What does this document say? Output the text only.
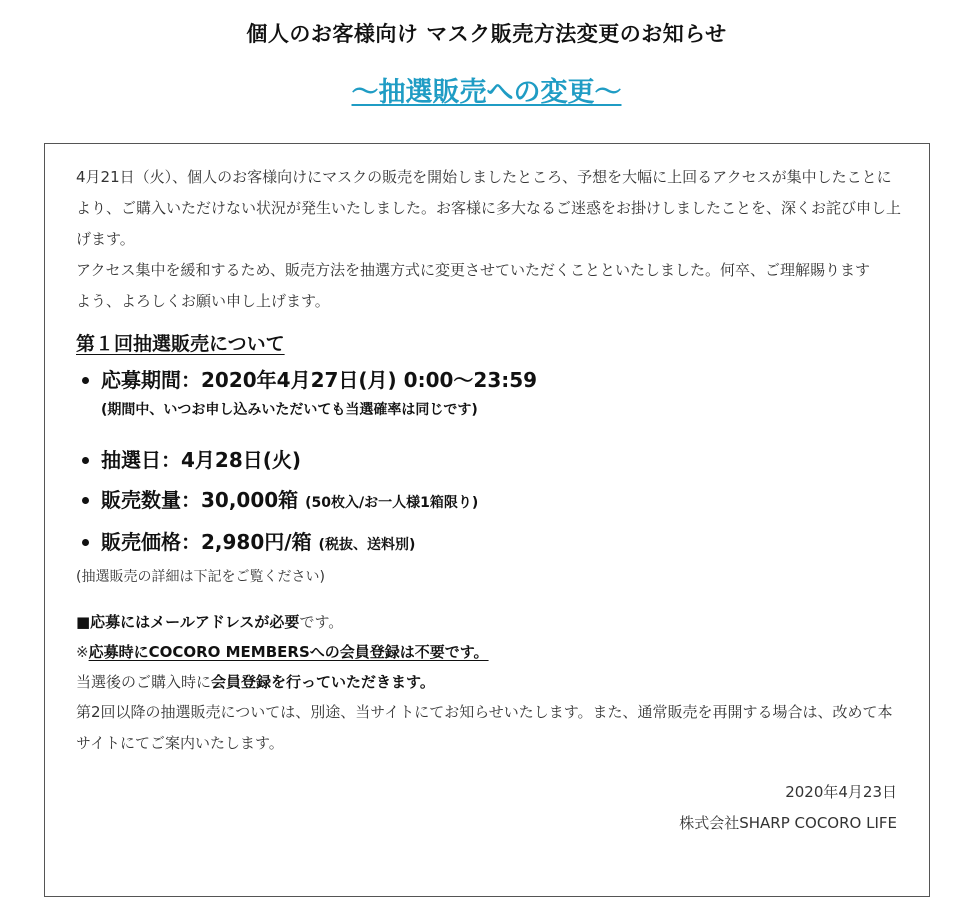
個人のお客様向け マスク販売方法変更のお知らせ
〜抽選販売への変更〜

4月21日（火）、個人のお客様向けにマスクの販売を開始しましたところ、予想を大幅に上回るアクセスが集中したことにより、ご購入いただけない状況が発生いたしました。お客様に多大なるご迷惑をお掛けしましたことを、深くお詫び申し上げます。

アクセス集中を緩和するため、販売方法を抽選方式に変更させていただくことといたしました。何卒、ご理解賜りますよう、よろしくお願い申し上げます。

第１回抽選販売について
応募期間：2020年4月27日(月) 0:00〜23:59
(期間中、いつお申し込みいただいても当選確率は同じです)
抽選日：4月28日(火)
販売数量：30,000箱 (50枚入/お一人様1箱限り)
販売価格：2,980円/箱 (税抜、送料別)
(抽選販売の詳細は下記をご覧ください)
■応募にはメールアドレスが必要です。
※応募時にCOCORO MEMBERSへの会員登録は不要です。
当選後のご購入時に会員登録を行っていただきます。

第2回以降の抽選販売については、別途、当サイトにてお知らせいたします。また、通常販売を再開する場合は、改めて本サイトにてご案内いたします。

2020年4月23日
株式会社SHARP COCORO LIFE
